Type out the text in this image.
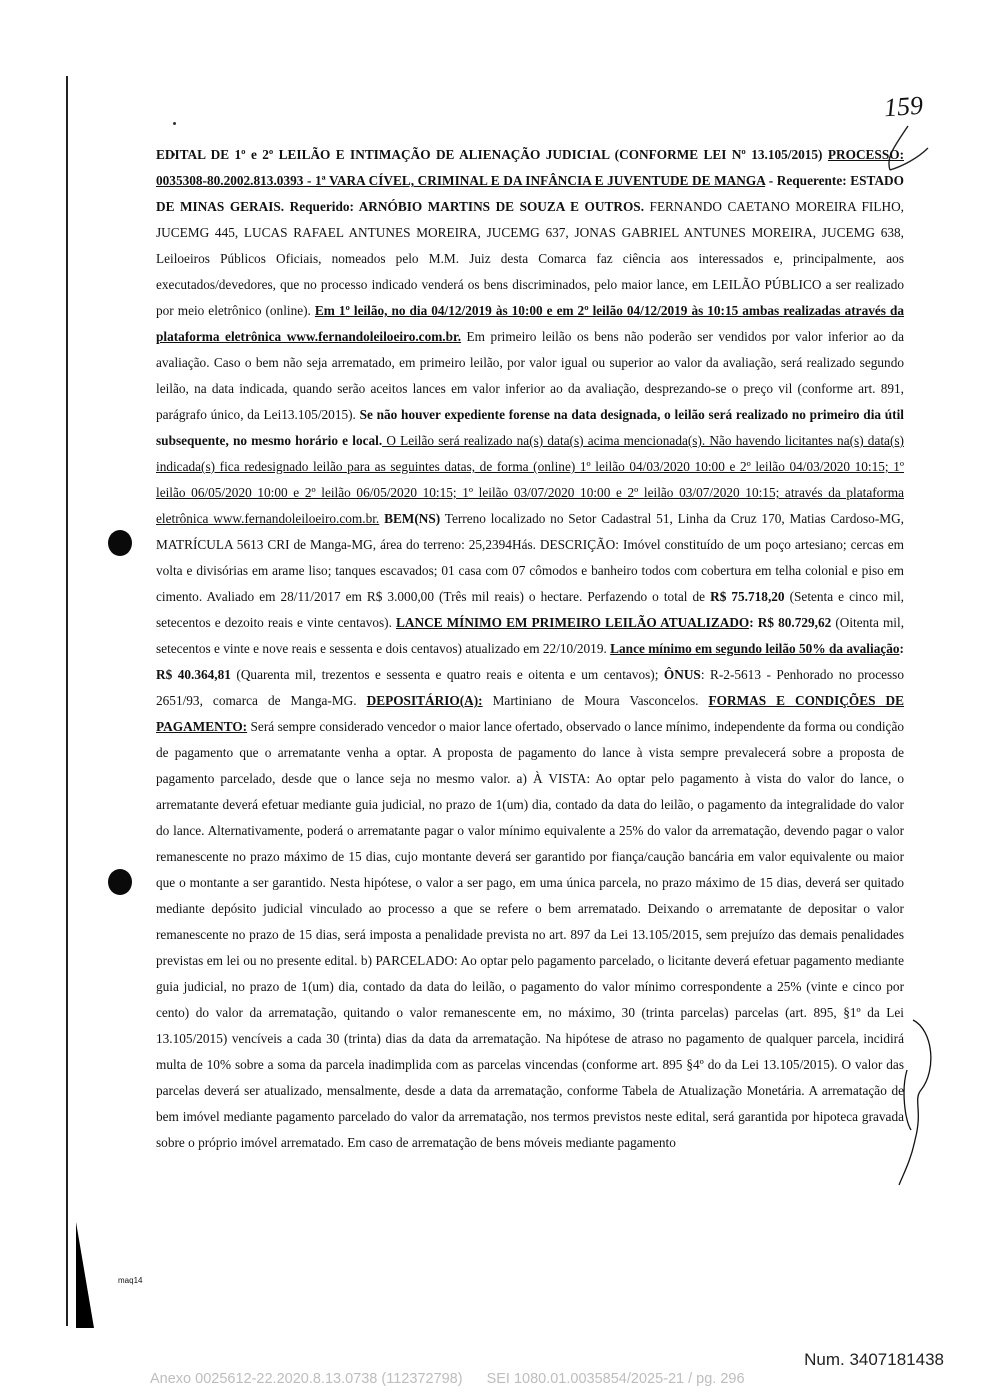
159

EDITAL DE 1º e 2º LEILÃO E INTIMAÇÃO DE ALIENAÇÃO JUDICIAL (CONFORME LEI Nº 13.105/2015) PROCESSO: 0035308-80.2002.813.0393 - 1ª VARA CÍVEL, CRIMINAL E DA INFÂNCIA E JUVENTUDE DE MANGA - Requerente: ESTADO DE MINAS GERAIS. Requerido: ARNÓBIO MARTINS DE SOUZA E OUTROS. FERNANDO CAETANO MOREIRA FILHO, JUCEMG 445, LUCAS RAFAEL ANTUNES MOREIRA, JUCEMG 637, JONAS GABRIEL ANTUNES MOREIRA, JUCEMG 638, Leiloeiros Públicos Oficiais, nomeados pelo M.M. Juiz desta Comarca faz ciência aos interessados e, principalmente, aos executados/devedores, que no processo indicado venderá os bens discriminados, pelo maior lance, em LEILÃO PÚBLICO a ser realizado por meio eletrônico (online). Em 1º leilão, no dia 04/12/2019 às 10:00 e em 2º leilão 04/12/2019 às 10:15 ambas realizadas através da plataforma eletrônica www.fernandoleiloeiro.com.br. Em primeiro leilão os bens não poderão ser vendidos por valor inferior ao da avaliação. Caso o bem não seja arrematado, em primeiro leilão, por valor igual ou superior ao valor da avaliação, será realizado segundo leilão, na data indicada, quando serão aceitos lances em valor inferior ao da avaliação, desprezando-se o preço vil (conforme art. 891, parágrafo único, da Lei13.105/2015). Se não houver expediente forense na data designada, o leilão será realizado no primeiro dia útil subsequente, no mesmo horário e local. O Leilão será realizado na(s) data(s) acima mencionada(s). Não havendo licitantes na(s) data(s) indicada(s) fica redesignado leilão para as seguintes datas, de forma (online) 1º leilão 04/03/2020 10:00 e 2º leilão 04/03/2020 10:15; 1º leilão 06/05/2020 10:00 e 2º leilão 06/05/2020 10:15; 1º leilão 03/07/2020 10:00 e 2º leilão 03/07/2020 10:15; através da plataforma eletrônica www.fernandoleiloeiro.com.br. BEM(NS) Terreno localizado no Setor Cadastral 51, Linha da Cruz 170, Matias Cardoso-MG, MATRÍCULA 5613 CRI de Manga-MG, área do terreno: 25,2394Hás. DESCRIÇÃO: Imóvel constituído de um poço artesiano; cercas em volta e divisórias em arame liso; tanques escavados; 01 casa com 07 cômodos e banheiro todos com cobertura em telha colonial e piso em cimento. Avaliado em 28/11/2017 em R$ 3.000,00 (Três mil reais) o hectare. Perfazendo o total de R$ 75.718,20 (Setenta e cinco mil, setecentos e dezoito reais e vinte centavos). LANCE MÍNIMO EM PRIMEIRO LEILÃO ATUALIZADO: R$ 80.729,62 (Oitenta mil, setecentos e vinte e nove reais e sessenta e dois centavos) atualizado em 22/10/2019. Lance mínimo em segundo leilão 50% da avaliação: R$ 40.364,81 (Quarenta mil, trezentos e sessenta e quatro reais e oitenta e um centavos); ÔNUS: R-2-5613 - Penhorado no processo 2651/93, comarca de Manga-MG. DEPOSITÁRIO(A): Martiniano de Moura Vasconcelos. FORMAS E CONDIÇÕES DE PAGAMENTO: Será sempre considerado vencedor o maior lance ofertado, observado o lance mínimo, independente da forma ou condição de pagamento que o arrematante venha a optar. A proposta de pagamento do lance à vista sempre prevalecerá sobre a proposta de pagamento parcelado, desde que o lance seja no mesmo valor. a) À VISTA: Ao optar pelo pagamento à vista do valor do lance, o arrematante deverá efetuar mediante guia judicial, no prazo de 1(um) dia, contado da data do leilão, o pagamento da integralidade do valor do lance. Alternativamente, poderá o arrematante pagar o valor mínimo equivalente a 25% do valor da arrematação, devendo pagar o valor remanescente no prazo máximo de 15 dias, cujo montante deverá ser garantido por fiança/caução bancária em valor equivalente ou maior que o montante a ser garantido. Nesta hipótese, o valor a ser pago, em uma única parcela, no prazo máximo de 15 dias, deverá ser quitado mediante depósito judicial vinculado ao processo a que se refere o bem arrematado. Deixando o arrematante de depositar o valor remanescente no prazo de 15 dias, será imposta a penalidade prevista no art. 897 da Lei 13.105/2015, sem prejuízo das demais penalidades previstas em lei ou no presente edital. b) PARCELADO: Ao optar pelo pagamento parcelado, o licitante deverá efetuar pagamento mediante guia judicial, no prazo de 1(um) dia, contado da data do leilão, o pagamento do valor mínimo correspondente a 25% (vinte e cinco por cento) do valor da arrematação, quitando o valor remanescente em, no máximo, 30 (trinta parcelas) parcelas (art. 895, §1º da Lei 13.105/2015) vencíveis a cada 30 (trinta) dias da data da arrematação. Na hipótese de atraso no pagamento de qualquer parcela, incidirá multa de 10% sobre a soma da parcela inadimplida com as parcelas vincendas (conforme art. 895 §4º do da Lei 13.105/2015). O valor das parcelas deverá ser atualizado, mensalmente, desde a data da arrematação, conforme Tabela de Atualização Monetária. A arrematação de bem imóvel mediante pagamento parcelado do valor da arrematação, nos termos previstos neste edital, será garantida por hipoteca gravada sobre o próprio imóvel arrematado. Em caso de arrematação de bens móveis mediante pagamento

maq14
Num. 3407181438
Anexo 0025612-22.2020.8.13.0738 (112372798) SEI 1080.01.0035854/2025-21 / pg. 296
